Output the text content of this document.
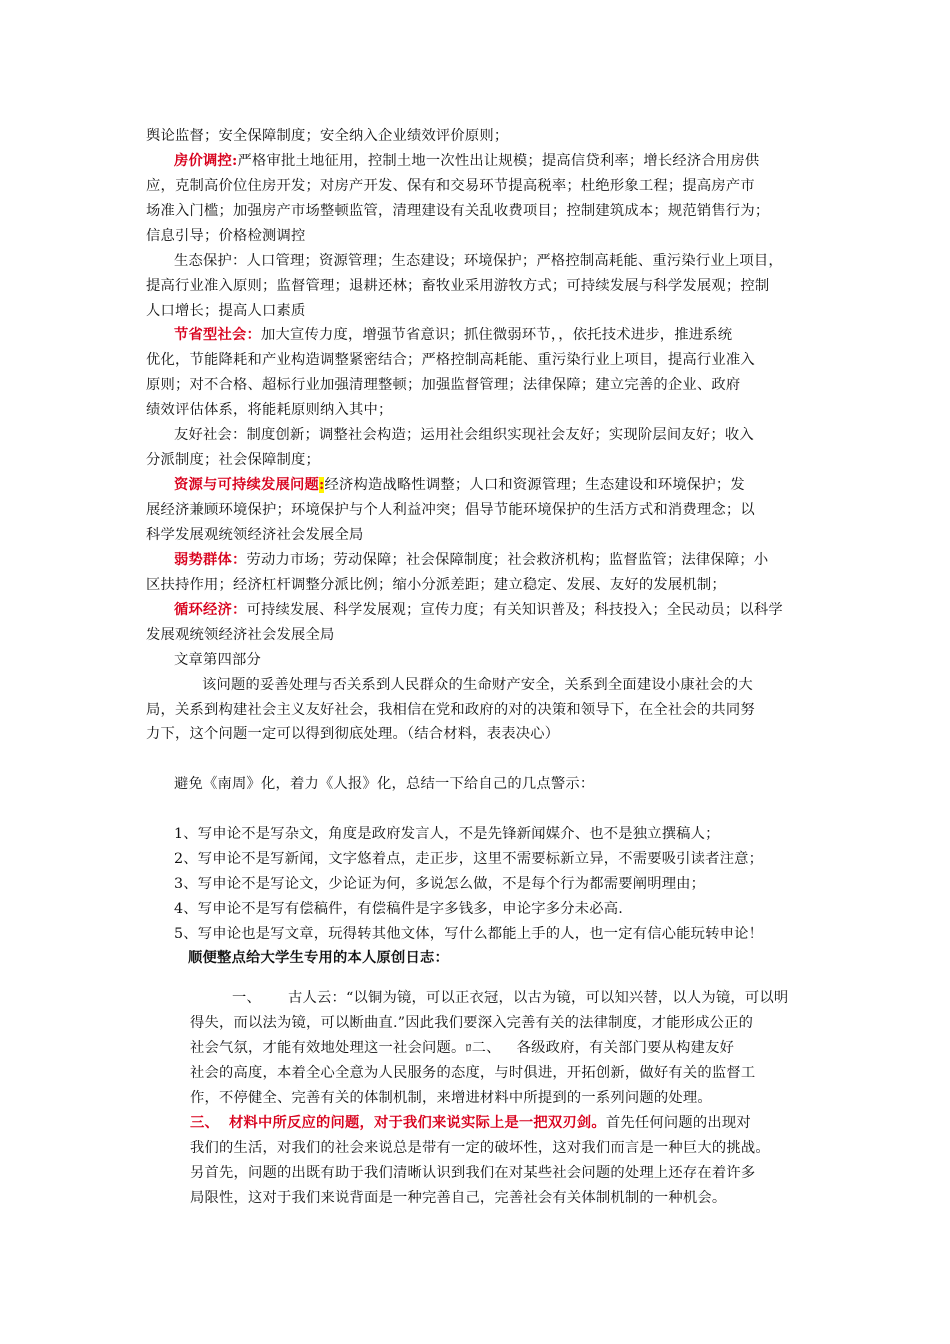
舆论监督；安全保障制度；安全纳入企业绩效评价原则；
房价调控:严格审批土地征用，控制土地一次性出让规模；提高信贷利率；增长经济合用房供
应，克制高价位住房开发；对房产开发、保有和交易环节提高税率；杜绝形象工程；提高房产市
场准入门槛；加强房产市场整顿监管，清理建设有关乱收费项目；控制建筑成本；规范销售行为；
信息引导；价格检测调控
生态保护：人口管理；资源管理；生态建设；环境保护；严格控制高耗能、重污染行业上项目，
提高行业准入原则；监督管理；退耕还林；畜牧业采用游牧方式；可持续发展与科学发展观；控制
人口增长；提高人口素质
节省型社会：加大宣传力度，增强节省意识；抓住微弱环节，，依托技术进步，推进系统
优化，节能降耗和产业构造调整紧密结合；严格控制高耗能、重污染行业上项目，提高行业准入
原则；对不合格、超标行业加强清理整顿；加强监督管理；法律保障；建立完善的企业、政府
绩效评估体系，将能耗原则纳入其中；
友好社会：制度创新；调整社会构造；运用社会组织实现社会友好；实现阶层间友好；收入
分派制度；社会保障制度；
资源与可持续发展问题:经济构造战略性调整；人口和资源管理；生态建设和环境保护；发
展经济兼顾环境保护；环境保护与个人利益冲突；倡导节能环境保护的生活方式和消费理念；以
科学发展观统领经济社会发展全局
弱势群体：劳动力市场；劳动保障；社会保障制度；社会救济机构；监督监管；法律保障；小
区扶持作用；经济杠杆调整分派比例；缩小分派差距；建立稳定、发展、友好的发展机制；
循环经济：可持续发展、科学发展观；宣传力度；有关知识普及；科技投入；全民动员；以科学
发展观统领经济社会发展全局
文章第四部分
该问题的妥善处理与否关系到人民群众的生命财产安全，关系到全面建设小康社会的大
局，关系到构建社会主义友好社会，我相信在党和政府的对的决策和领导下，在全社会的共同努
力下，这个问题一定可以得到彻底处理。（结合材料，表表决心）
避免《南周》化，着力《人报》化，总结一下给自己的几点警示：
1、写申论不是写杂文，角度是政府发言人，不是先锋新闻媒介、也不是独立撰稿人；
2、写申论不是写新闻，文字悠着点，走正步，这里不需要标新立异，不需要吸引读者注意；
3、写申论不是写论文，少论证为何，多说怎么做，不是每个行为都需要阐明理由；
4、写申论不是写有偿稿件，有偿稿件是字多钱多，申论字多分未必高.
5、写申论也是写文章，玩得转其他文体，写什么都能上手的人，也一定有信心能玩转申论！
顺便整点给大学生专用的本人原创日志：
一、 古人云：“以铜为镜，可以正衣冠，以古为镜，可以知兴替，以人为镜，可以明
得失，而以法为镜，可以断曲直.”因此我们要深入完善有关的法律制度，才能形成公正的
社会气氛，才能有效地处理这一社会问题。ﾛ二、 各级政府，有关部门要从构建友好
社会的高度，本着全心全意为人民服务的态度，与时俱进，开拓创新，做好有关的监督工
作，不停健全、完善有关的体制机制，来增进材料中所提到的一系列问题的处理。
三、 材料中所反应的问题，对于我们来说实际上是一把双刃剑。首先任何问题的出现对
我们的生活，对我们的社会来说总是带有一定的破坏性，这对我们而言是一种巨大的挑战。
另首先，问题的出既有助于我们清晰认识到我们在对某些社会问题的处理上还存在着许多
局限性，这对于我们来说背面是一种完善自己，完善社会有关体制机制的一种机会。
